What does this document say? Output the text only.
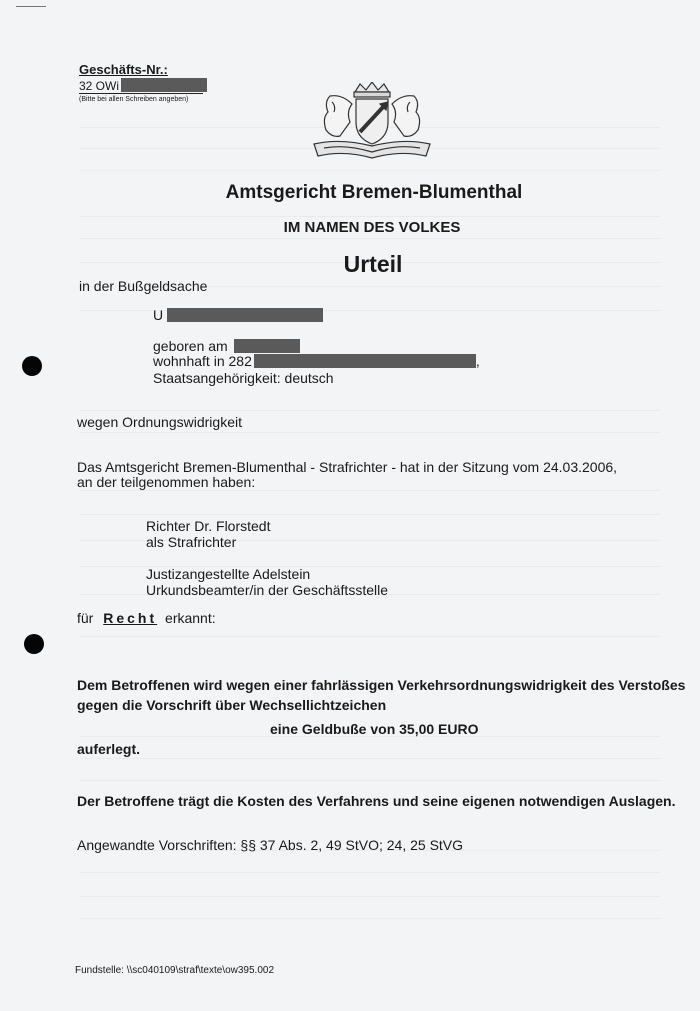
Geschäfts-Nr.:
32 OWi
(Bitte bei allen Schreiben angeben)
Amtsgericht Bremen-Blumenthal
IM NAMEN DES VOLKES
Urteil
in der Bußgeldsache
U
geboren am
wohnhaft in 282	,
Staatsangehörigkeit: deutsch
wegen Ordnungswidrigkeit
Das Amtsgericht Bremen-Blumenthal - Strafrichter - hat in der Sitzung vom 24.03.2006,
an der teilgenommen haben:
Richter Dr. Florstedt
als Strafrichter
Justizangestellte Adelstein
Urkundsbeamter/in der Geschäftsstelle
für Recht erkannt:
Dem Betroffenen wird wegen einer fahrlässigen Verkehrsordnungswidrigkeit des Verstoßes
gegen die Vorschrift über Wechsellichtzeichen
eine Geldbuße von 35,00 EURO
auferlegt.
Der Betroffene trägt die Kosten des Verfahrens und seine eigenen notwendigen Auslagen.
Angewandte Vorschriften: §§ 37 Abs. 2, 49 StVO; 24, 25 StVG
Fundstelle: \\sc040109\straf\texte\ow395.002
